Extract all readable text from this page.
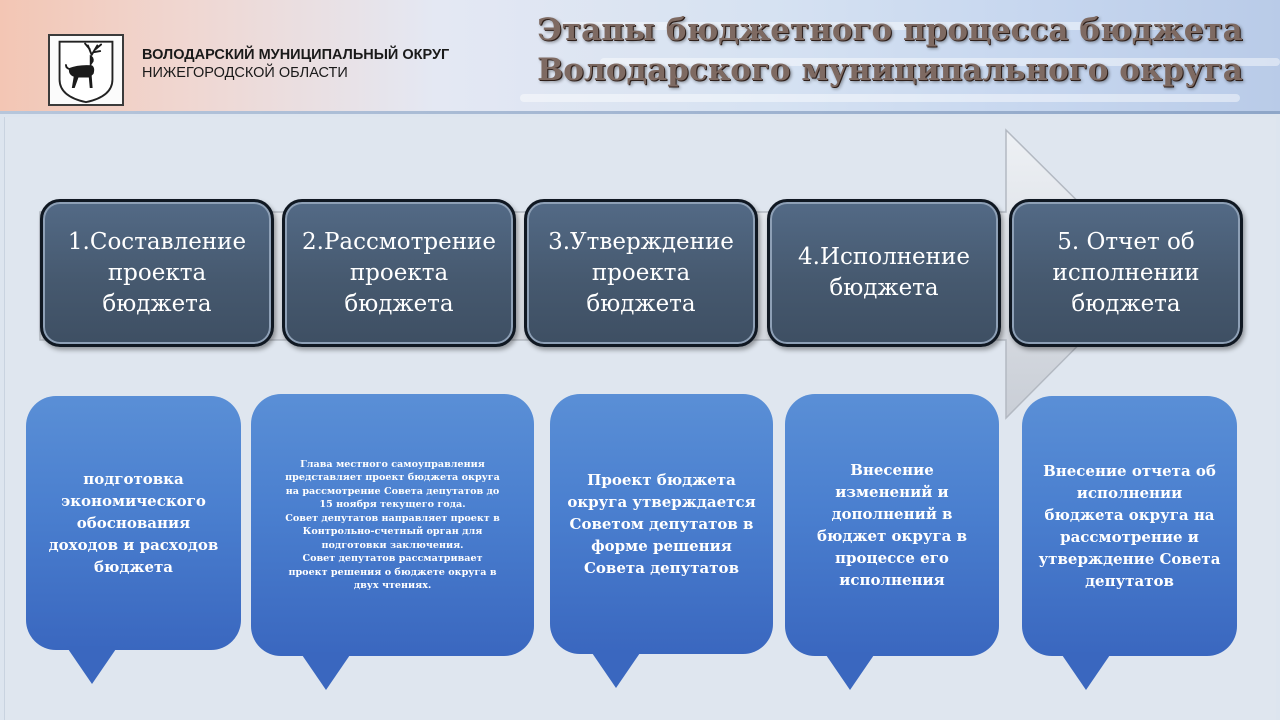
ВОЛОДАРСКИЙ МУНИЦИПАЛЬНЫЙ ОКРУГ
НИЖЕГОРОДСКОЙ ОБЛАСТИ
Этапы бюджетного процесса бюджета
Володарского муниципального округа
1.Составление проекта бюджета
2.Рассмотрение проекта бюджета
3.Утверждение проекта бюджета
4.Исполнение бюджета
5. Отчет об исполнении бюджета
подготовка
экономического
обоснования
доходов и расходов
бюджета
Глава местного самоуправления
представляет проект бюджета округа
на рассмотрение Совета депутатов до
15 ноября текущего года.
Совет депутатов направляет проект в
Контрольно-счетный орган для
подготовки заключения.
Совет депутатов рассматривает
проект решения о бюджете округа в
двух чтениях.
Проект бюджета
округа утверждается
Советом депутатов в
форме решения
Совета депутатов
Внесение
изменений и
дополнений в
бюджет округа в
процессе его
исполнения
Внесение отчета об
исполнении
бюджета округа на
рассмотрение и
утверждение Совета
депутатов
